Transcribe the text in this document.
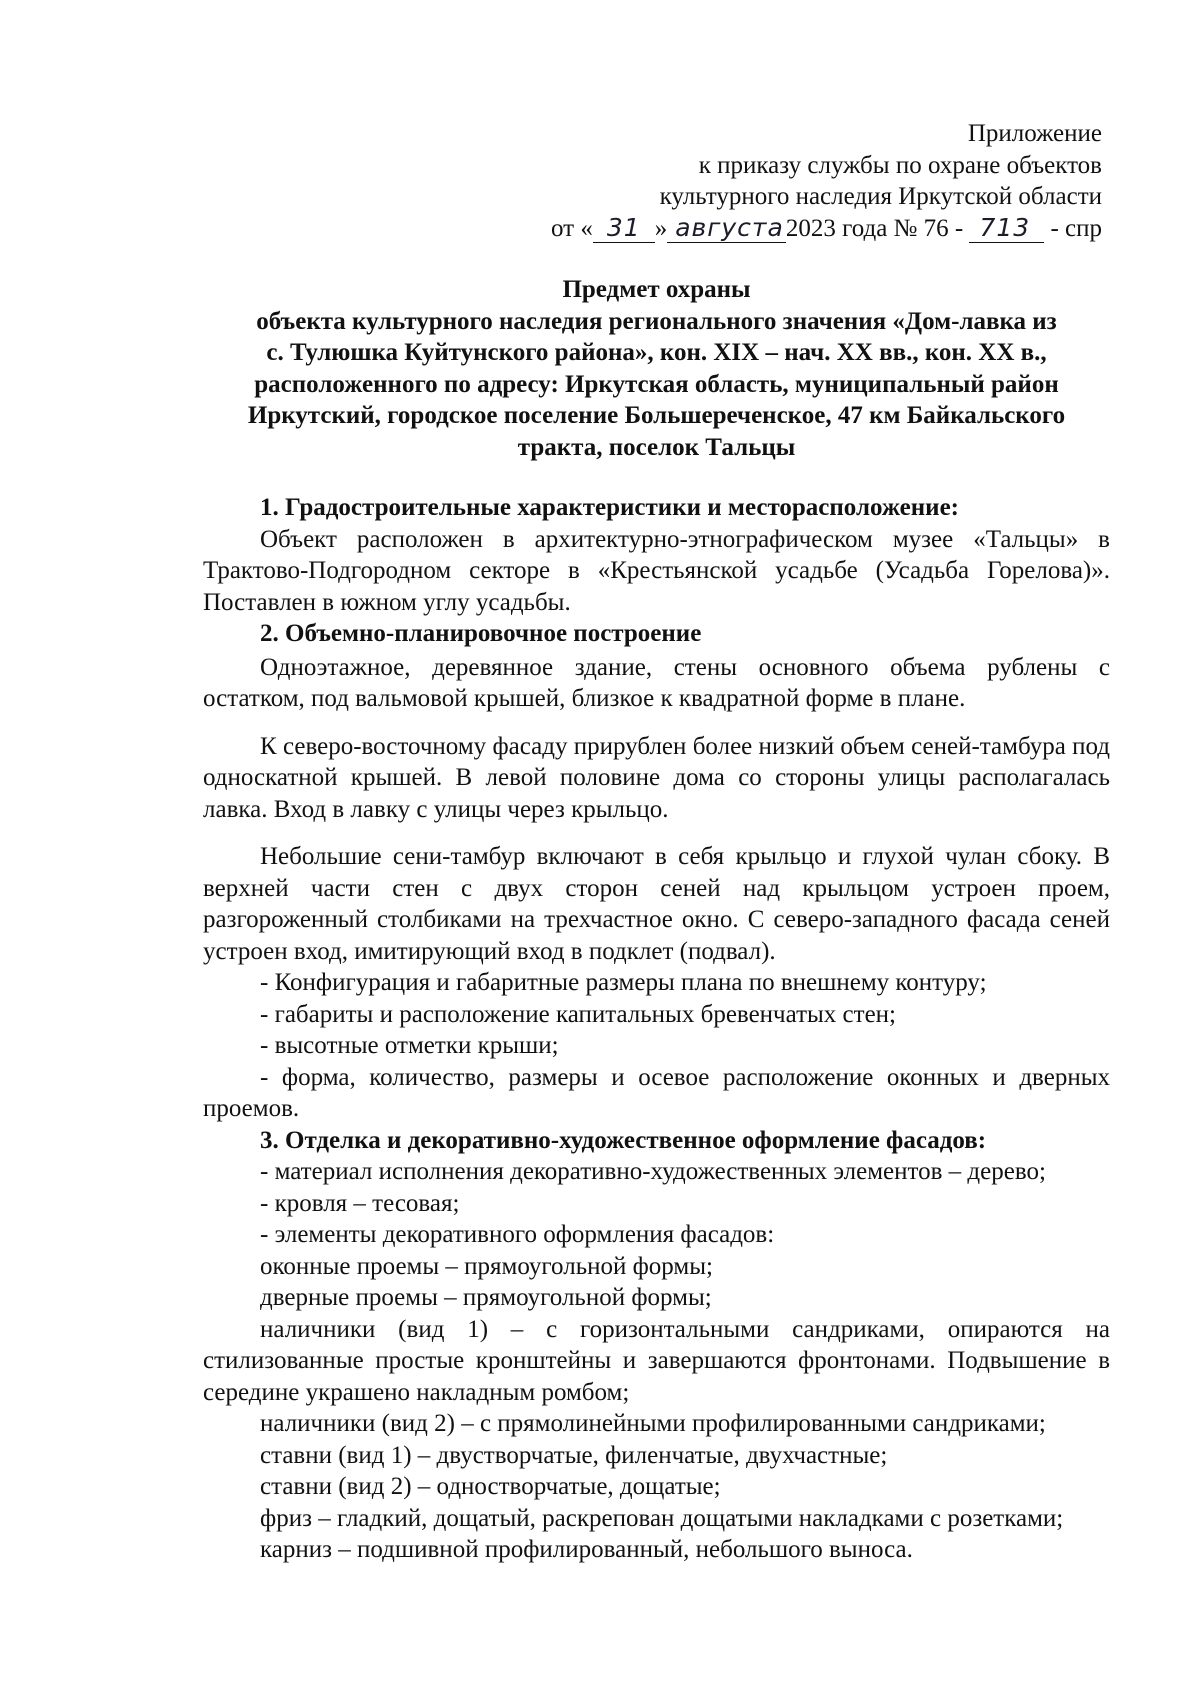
Приложение
к приказу службы по охране объектов
культурного наследия Иркутской области
от « 31 » августа2023 года № 76 - 713 - спр
Предмет охраны
объекта культурного наследия регионального значения «Дом-лавка из
с. Тулюшка Куйтунского района», кон. XIX – нач. XX вв., кон. XX в.,
расположенного по адресу: Иркутская область, муниципальный район
Иркутский, городское поселение Большереченское, 47 км Байкальского
тракта, поселок Тальцы
1. Градостроительные характеристики и месторасположение:
Объект расположен в архитектурно-этнографическом музее «Тальцы» в Трактово-Подгородном секторе в «Крестьянской усадьбе (Усадьба Горелова)». Поставлен в южном углу усадьбы.
2. Объемно-планировочное построение
Одноэтажное, деревянное здание, стены основного объема рублены с остатком, под вальмовой крышей, близкое к квадратной форме в плане.
К северо-восточному фасаду прирублен более низкий объем сеней-тамбура под односкатной крышей. В левой половине дома со стороны улицы располагалась лавка. Вход в лавку с улицы через крыльцо.
Небольшие сени-тамбур включают в себя крыльцо и глухой чулан сбоку. В верхней части стен с двух сторон сеней над крыльцом устроен проем, разгороженный столбиками на трехчастное окно. С северо-западного фасада сеней устроен вход, имитирующий вход в подклет (подвал).
- Конфигурация и габаритные размеры плана по внешнему контуру;
- габариты и расположение капитальных бревенчатых стен;
- высотные отметки крыши;
- форма, количество, размеры и осевое расположение оконных и дверных проемов.
3. Отделка и декоративно-художественное оформление фасадов:
- материал исполнения декоративно-художественных элементов – дерево;
- кровля – тесовая;
- элементы декоративного оформления фасадов:
оконные проемы – прямоугольной формы;
дверные проемы – прямоугольной формы;
наличники (вид 1) – с горизонтальными сандриками, опираются на стилизованные простые кронштейны и завершаются фронтонами. Подвышение в середине украшено накладным ромбом;
наличники (вид 2) – с прямолинейными профилированными сандриками;
ставни (вид 1) – двустворчатые, филенчатые, двухчастные;
ставни (вид 2) – одностворчатые, дощатые;
фриз – гладкий, дощатый, раскрепован дощатыми накладками с розетками;
карниз – подшивной профилированный, небольшого выноса.
